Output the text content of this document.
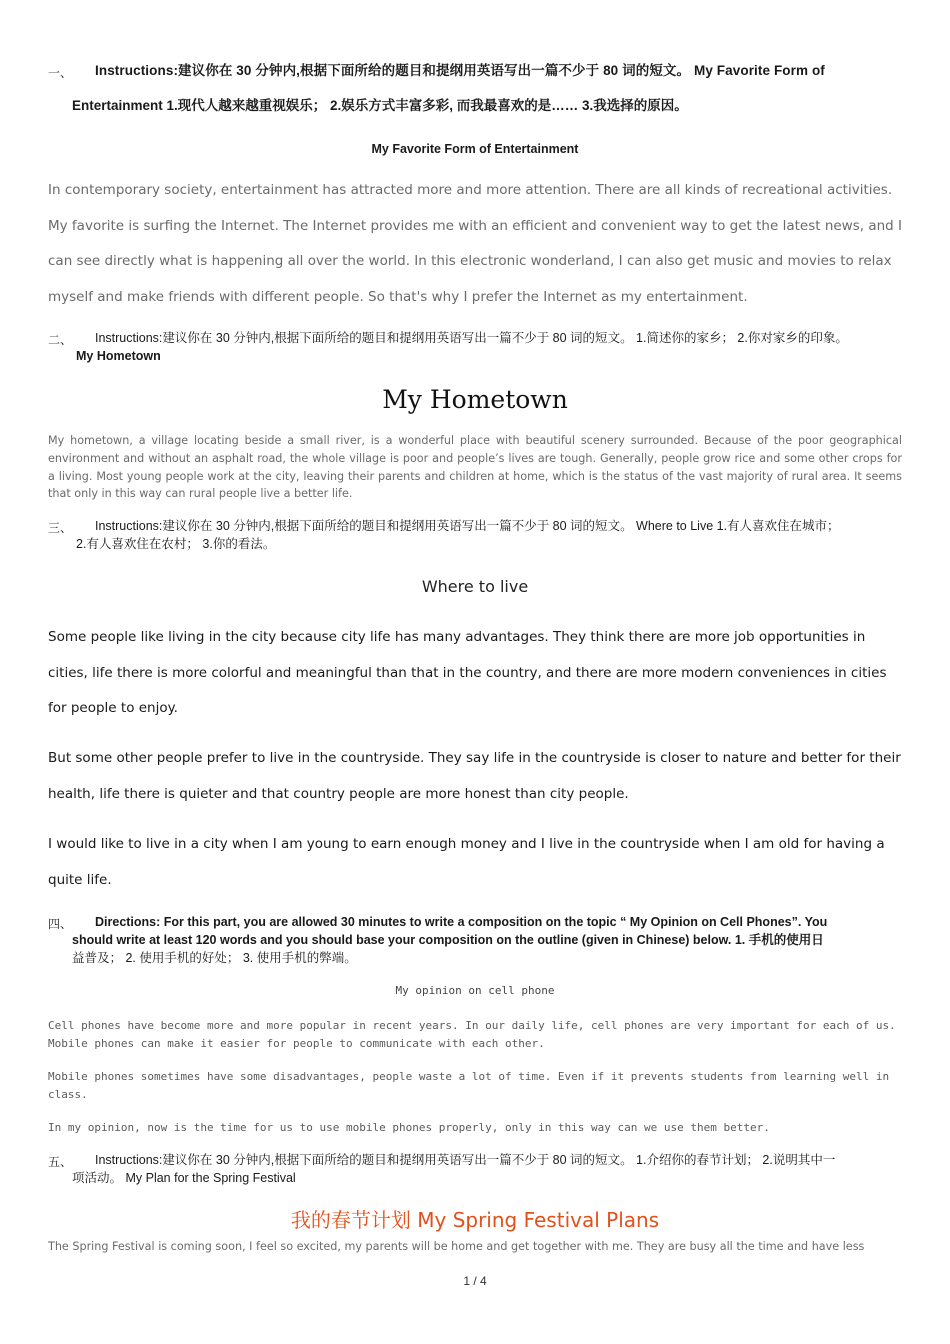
一、 Instructions:建议你在 30 分钟内,根据下面所给的题目和提纲用英语写出一篇不少于 80 词的短文。 My Favorite Form of
Entertainment 1.现代人越来越重视娱乐； 2.娱乐方式丰富多彩, 而我最喜欢的是…… 3.我选择的原因。
My Favorite Form of Entertainment
In contemporary society, entertainment has attracted more and more attention. There are all kinds of recreational activities. My favorite is surfing the Internet. The Internet provides me with an efficient and convenient way to get the latest news, and I can see directly what is happening all over the world. In this electronic wonderland, I can also get music and movies to relax myself and make friends with different people. So that's why I prefer the Internet as my entertainment.
二、 Instructions:建议你在 30 分钟内,根据下面所给的题目和提纲用英语写出一篇不少于 80 词的短文。 1.简述你的家乡； 2.你对家乡的印象。
My Hometown
My Hometown
My hometown, a village locating beside a small river, is a wonderful place with beautiful scenery surrounded. Because of the poor geographical environment and without an asphalt road, the whole village is poor and people’s lives are tough. Generally, people grow rice and some other crops for a living. Most young people work at the city, leaving their parents and children at home, which is the status of the vast majority of rural area. It seems that only in this way can rural people live a better life.
三、 Instructions:建议你在 30 分钟内,根据下面所给的题目和提纲用英语写出一篇不少于 80 词的短文。 Where to Live 1.有人喜欢住在城市；
2.有人喜欢住在农村； 3.你的看法。
Where to live
Some people like living in the city because city life has many advantages. They think there are more job opportunities in cities, life there is more colorful and meaningful than that in the country, and there are more modern conveniences in cities for people to enjoy.
But some other people prefer to live in the countryside. They say life in the countryside is closer to nature and better for their health, life there is quieter and that country people are more honest than city people.
I would like to live in a city when I am young to earn enough money and I live in the countryside when I am old for having a quite life.
四、 Directions: For this part, you are allowed 30 minutes to write a composition on the topic “ My Opinion on Cell Phones”. You
should write at least 120 words and you should base your composition on the outline (given in Chinese) below. 1. 手机的使用日
益普及； 2. 使用手机的好处； 3. 使用手机的弊端。
My opinion on cell phone
Cell phones have become more and more popular in recent years. In our daily life, cell phones are very important for each of us. Mobile phones can make it easier for people to communicate with each other.
Mobile phones sometimes have some disadvantages, people waste a lot of time. Even if it prevents students from learning well in class.
In my opinion, now is the time for us to use mobile phones properly, only in this way can we use them better.
五、 Instructions:建议你在 30 分钟内,根据下面所给的题目和提纲用英语写出一篇不少于 80 词的短文。 1.介绍你的春节计划； 2.说明其中一
项活动。 My Plan for the Spring Festival
我的春节计划 My Spring Festival Plans
The Spring Festival is coming soon, I feel so excited, my parents will be home and get together with me. They are busy all the time and have less
1 / 4
